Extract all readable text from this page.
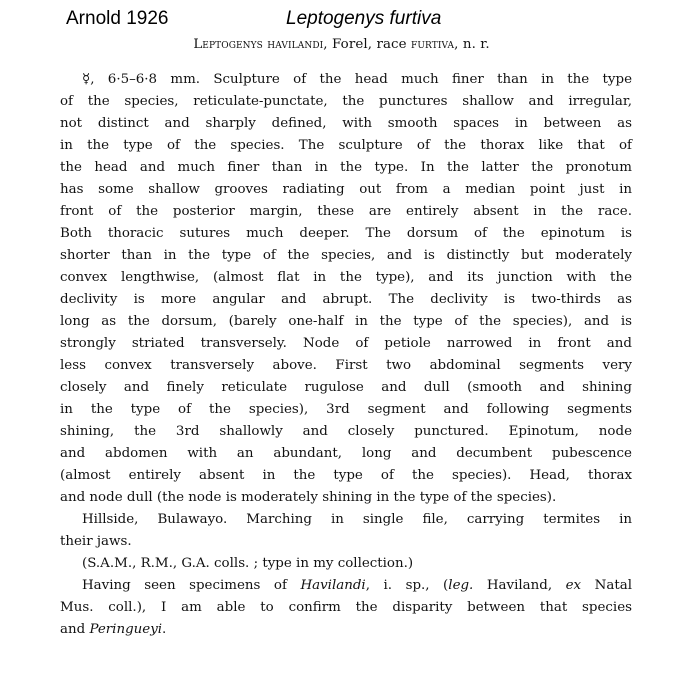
Arnold 1926	Leptogenys furtiva
Leptogenys havilandi, Forel, race furtiva, n. r.
☿, 6·5–6·8 mm. Sculpture of the head much finer than in the type
of the species, reticulate-punctate, the punctures shallow and irregular,
not distinct and sharply defined, with smooth spaces in between as
in the type of the species. The sculpture of the thorax like that of
the head and much finer than in the type. In the latter the pronotum
has some shallow grooves radiating out from a median point just in
front of the posterior margin, these are entirely absent in the race.
Both thoracic sutures much deeper. The dorsum of the epinotum is
shorter than in the type of the species, and is distinctly but moderately
convex lengthwise, (almost flat in the type), and its junction with the
declivity is more angular and abrupt. The declivity is two-thirds as
long as the dorsum, (barely one-half in the type of the species), and is
strongly striated transversely. Node of petiole narrowed in front and
less convex transversely above. First two abdominal segments very
closely and finely reticulate rugulose and dull (smooth and shining
in the type of the species), 3rd segment and following segments
shining, the 3rd shallowly and closely punctured. Epinotum, node
and abdomen with an abundant, long and decumbent pubescence
(almost entirely absent in the type of the species). Head, thorax
and node dull (the node is moderately shining in the type of the species).
Hillside, Bulawayo. Marching in single file, carrying termites in
their jaws.
(S.A.M., R.M., G.A. colls. ; type in my collection.)
Having seen specimens of Havilandi, i. sp., (leg. Haviland, ex Natal
Mus. coll.), I am able to confirm the disparity between that species
and Peringueyi.
